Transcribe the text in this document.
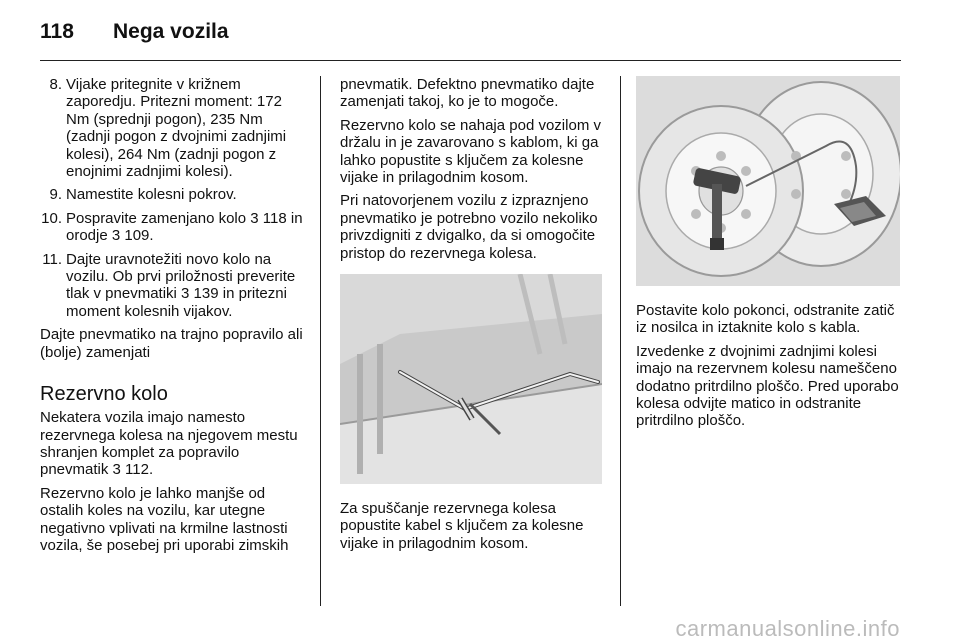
118 Nega vozila
8. Vijake pritegnite v križnem zaporedju. Pritezni moment: 172 Nm (sprednji pogon), 235 Nm (zadnji pogon z dvojnimi zadnjimi kolesi), 264 Nm (zadnji pogon z enojnimi zadnjimi kolesi).
9. Namestite kolesni pokrov.
10. Pospravite zamenjano kolo 3 118 in orodje 3 109.
11. Dajte uravnotežiti novo kolo na vozilu. Ob prvi priložnosti preverite tlak v pnevmatiki 3 139 in pritezni moment kolesnih vijakov.

Dajte pnevmatiko na trajno popravilo ali (bolje) zamenjati

Rezervno kolo

Nekatera vozila imajo namesto rezervnega kolesa na njegovem mestu shranjen komplet za popravilo pnevmatik 3 112.

Rezervno kolo je lahko manjše od ostalih koles na vozilu, kar utegne negativno vplivati na krmilne lastnosti vozila, še posebej pri uporabi zimskih

pnevmatik. Defektno pnevmatiko dajte zamenjati takoj, ko je to mogoče.

Rezervno kolo se nahaja pod vozilom v držalu in je zavarovano s kablom, ki ga lahko popustite s ključem za kolesne vijake in prilagodnim kosom.

Pri natovorjenem vozilu z izpraznjeno pnevmatiko je potrebno vozilo nekoliko privzdigniti z dvigalko, da si omogočite pristop do rezervnega kolesa.

Za spuščanje rezervnega kolesa popustite kabel s ključem za kolesne vijake in prilagodnim kosom.

Postavite kolo pokonci, odstranite zatič iz nosilca in iztaknite kolo s kabla.

Izvedenke z dvojnimi zadnjimi kolesi imajo na rezervnem kolesu nameščeno dodatno pritrdilno ploščo. Pred uporabo kolesa odvijte matico in odstranite pritrdilno ploščo.

carmanualsonline.info
